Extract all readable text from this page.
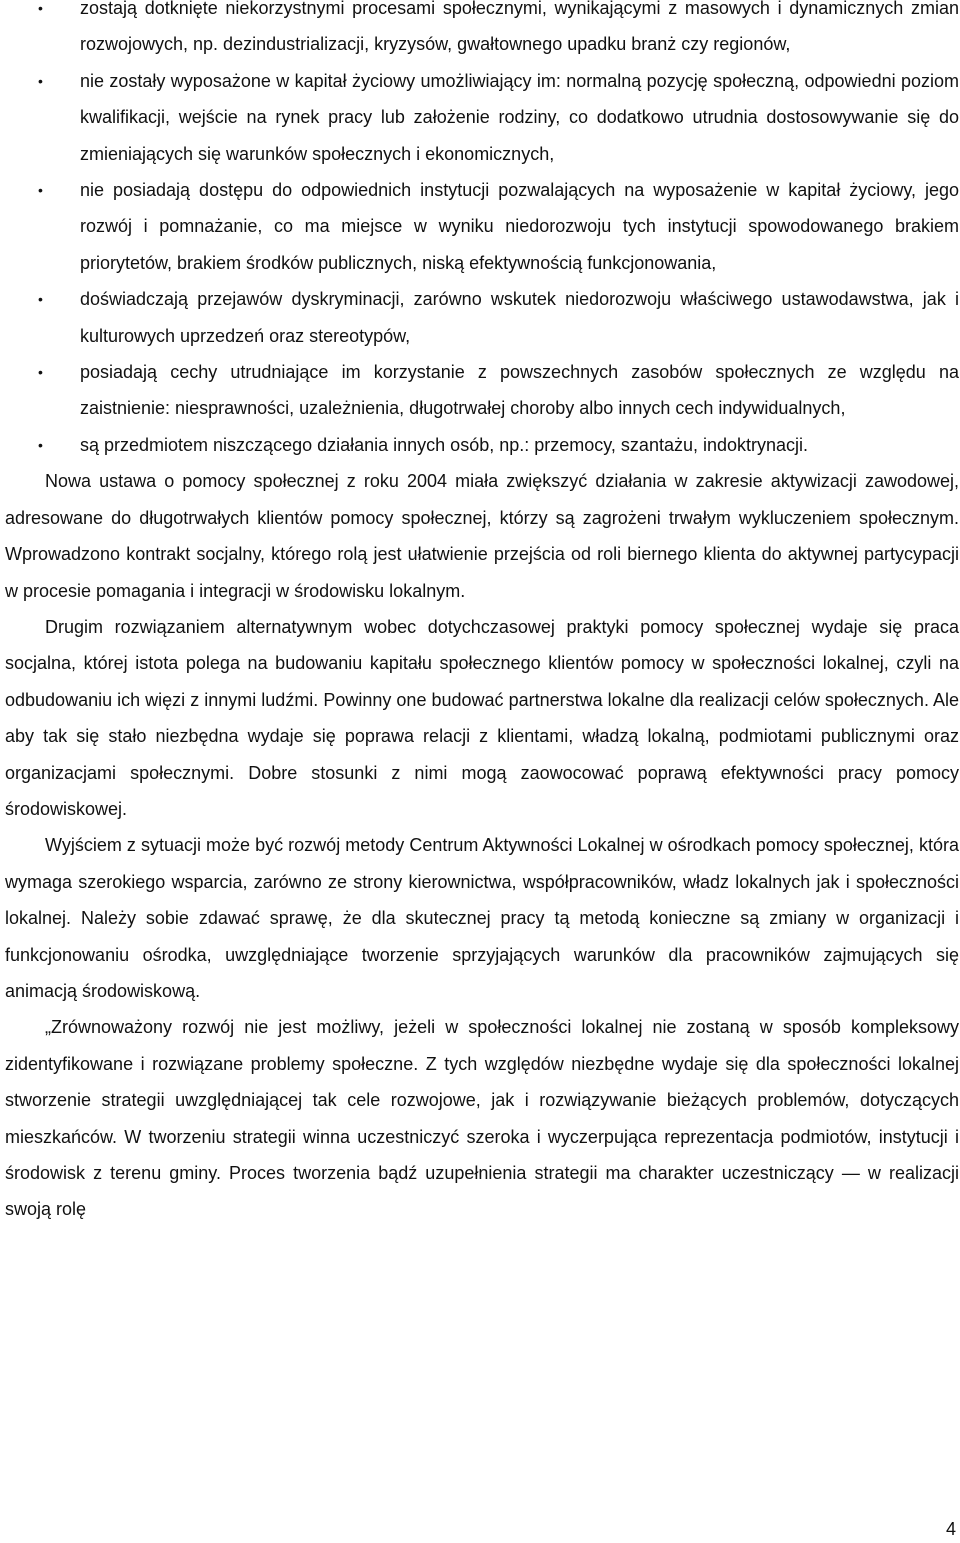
• zostają dotknięte niekorzystnymi procesami społecznymi, wynikającymi z masowych i dynamicznych zmian rozwojowych, np. dezindustrializacji, kryzysów, gwałtownego upadku branż czy regionów,
• nie zostały wyposażone w kapitał życiowy umożliwiający im: normalną pozycję społeczną, odpowiedni poziom kwalifikacji, wejście na rynek pracy lub założenie rodziny, co dodatkowo utrudnia dostosowywanie się do zmieniających się warunków społecznych i ekonomicznych,
• nie posiadają dostępu do odpowiednich instytucji pozwalających na wyposażenie w kapitał życiowy, jego rozwój i pomnażanie, co ma miejsce w wyniku niedorozwoju tych instytucji spowodowanego brakiem priorytetów, brakiem środków publicznych, niską efektywnością funkcjonowania,
• doświadczają przejawów dyskryminacji, zarówno wskutek niedorozwoju właściwego ustawodawstwa, jak i kulturowych uprzedzeń oraz stereotypów,
• posiadają cechy utrudniające im korzystanie z powszechnych zasobów społecznych ze względu na zaistnienie: niesprawności, uzależnienia, długotrwałej choroby albo innych cech indywidualnych,
• są przedmiotem niszczącego działania innych osób, np.: przemocy, szantażu, indoktrynacji.

Nowa ustawa o pomocy społecznej z roku 2004 miała zwiększyć działania w zakresie aktywizacji zawodowej, adresowane do długotrwałych klientów pomocy społecznej, którzy są zagrożeni trwałym wykluczeniem społecznym. Wprowadzono kontrakt socjalny, którego rolą jest ułatwienie przejścia od roli biernego klienta do aktywnej partycypacji w procesie pomagania i integracji w środowisku lokalnym.

Drugim rozwiązaniem alternatywnym wobec dotychczasowej praktyki pomocy społecznej wydaje się praca socjalna, której istota polega na budowaniu kapitału społecznego klientów pomocy w społeczności lokalnej, czyli na odbudowaniu ich więzi z innymi ludźmi. Powinny one budować partnerstwa lokalne dla realizacji celów społecznych. Ale aby tak się stało niezbędna wydaje się poprawa relacji z klientami, władzą lokalną, podmiotami publicznymi oraz organizacjami społecznymi. Dobre stosunki z nimi mogą zaowocować poprawą efektywności pracy pomocy środowiskowej.

Wyjściem z sytuacji może być rozwój metody Centrum Aktywności Lokalnej w ośrodkach pomocy społecznej, która wymaga szerokiego wsparcia, zarówno ze strony kierownictwa, współpracowników, władz lokalnych jak i społeczności lokalnej. Należy sobie zdawać sprawę, że dla skutecznej pracy tą metodą konieczne są zmiany w organizacji i funkcjonowaniu ośrodka, uwzględniające tworzenie sprzyjających warunków dla pracowników zajmujących się animacją środowiskową.

„Zrównoważony rozwój nie jest możliwy, jeżeli w społeczności lokalnej nie zostaną w sposób kompleksowy zidentyfikowane i rozwiązane problemy społeczne. Z tych względów niezbędne wydaje się dla społeczności lokalnej stworzenie strategii uwzględniającej tak cele rozwojowe, jak i rozwiązywanie bieżących problemów, dotyczących mieszkańców. W tworzeniu strategii winna uczestniczyć szeroka i wyczerpująca reprezentacja podmiotów, instytucji i środowisk z terenu gminy. Proces tworzenia bądź uzupełnienia strategii ma charakter uczestniczący — w realizacji swoją rolę

4
